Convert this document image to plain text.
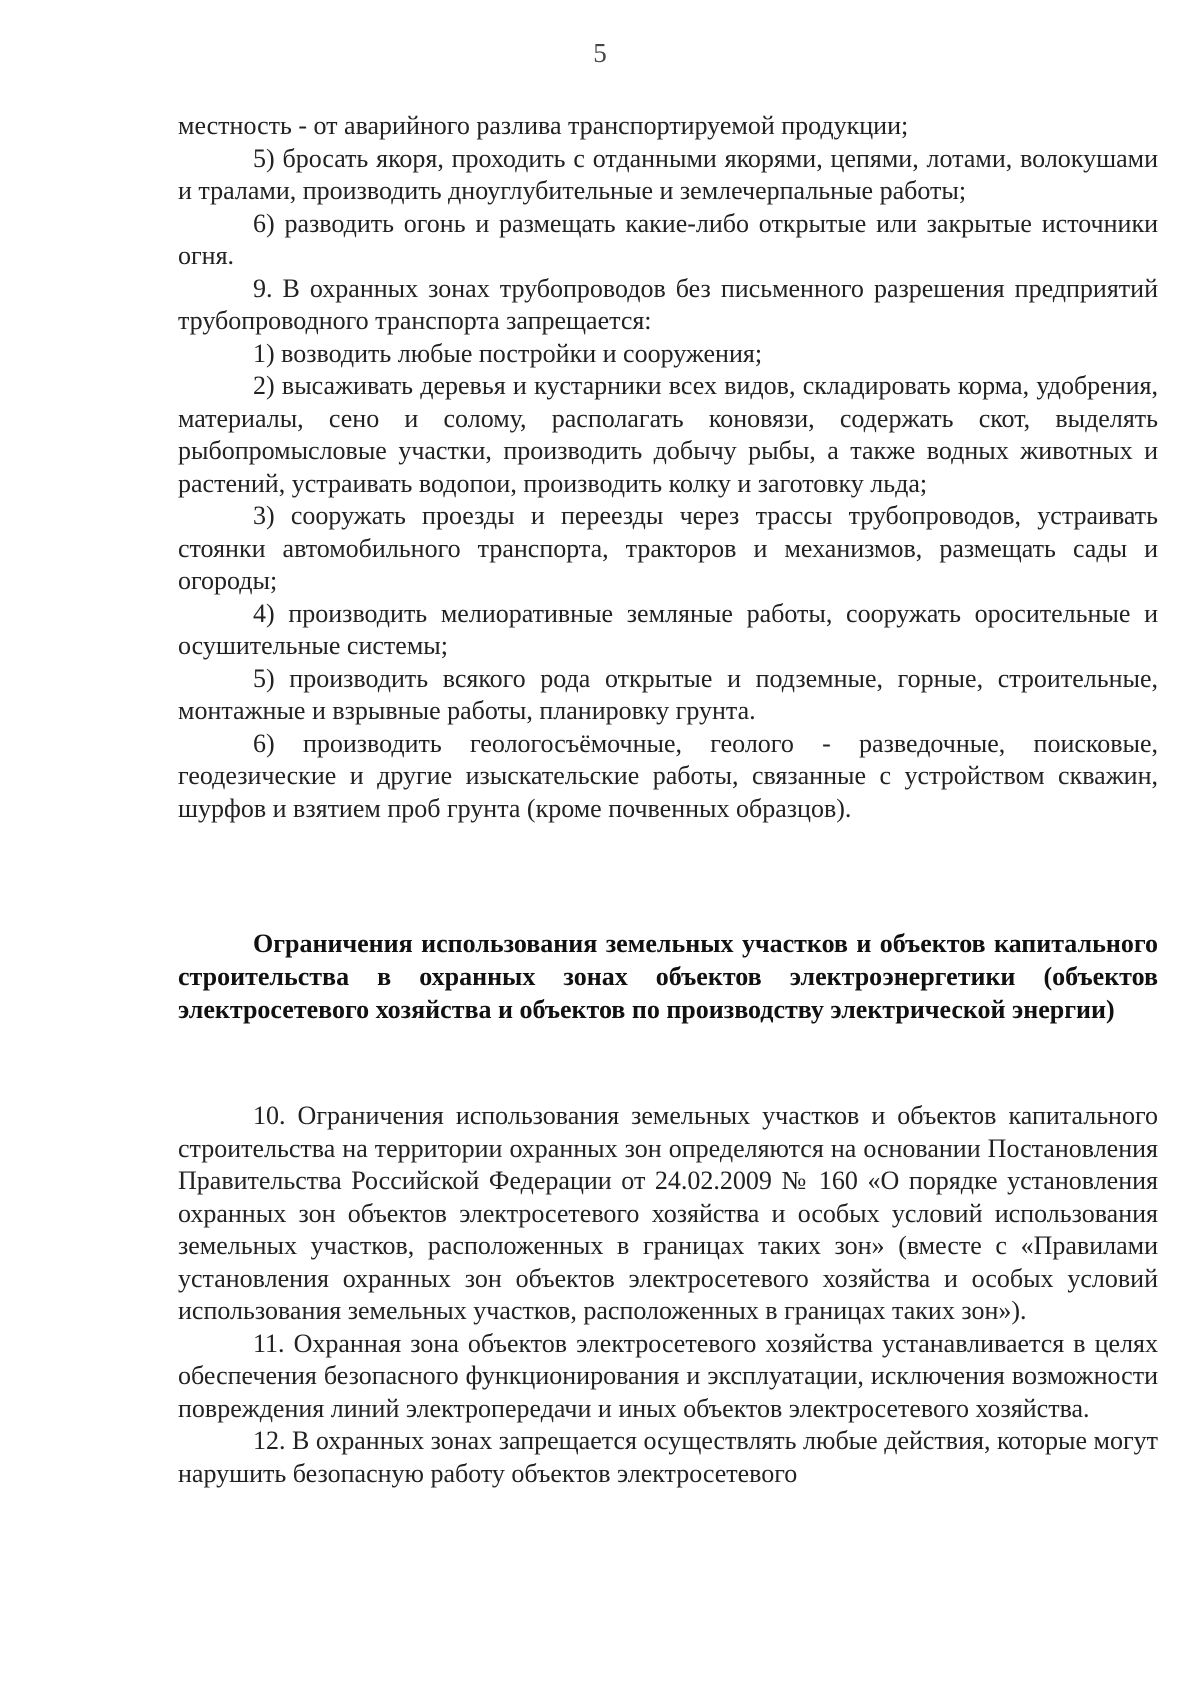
5

местность - от аварийного разлива транспортируемой продукции;

5) бросать якоря, проходить с отданными якорями, цепями, лотами, волокушами и тралами, производить дноуглубительные и землечерпальные работы;

6) разводить огонь и размещать какие-либо открытые или закрытые источники огня.

9. В охранных зонах трубопроводов без письменного разрешения предприятий трубопроводного транспорта запрещается:

1) возводить любые постройки и сооружения;

2) высаживать деревья и кустарники всех видов, складировать корма, удобрения, материалы, сено и солому, располагать коновязи, содержать скот, выделять рыбопромысловые участки, производить добычу рыбы, а также водных животных и растений, устраивать водопои, производить колку и заготовку льда;

3) сооружать проезды и переезды через трассы трубопроводов, устраивать стоянки автомобильного транспорта, тракторов и механизмов, размещать сады и огороды;

4) производить мелиоративные земляные работы, сооружать оросительные и осушительные системы;

5) производить всякого рода открытые и подземные, горные, строительные, монтажные и взрывные работы, планировку грунта.

6) производить геологосъёмочные, геолого - разведочные, поисковые, геодезические и другие изыскательские работы, связанные с устройством скважин, шурфов и взятием проб грунта (кроме почвенных образцов).

Ограничения использования земельных участков и объектов капитального строительства в охранных зонах объектов электроэнергетики (объектов электросетевого хозяйства и объектов по производству электрической энергии)

10. Ограничения использования земельных участков и объектов капитального строительства на территории охранных зон определяются на основании Постановления Правительства Российской Федерации от 24.02.2009 № 160 «О порядке установления охранных зон объектов электросетевого хозяйства и особых условий использования земельных участков, расположенных в границах таких зон» (вместе с «Правилами установления охранных зон объектов электросетевого хозяйства и особых условий использования земельных участков, расположенных в границах таких зон»).

11. Охранная зона объектов электросетевого хозяйства устанавливается в целях обеспечения безопасного функционирования и эксплуатации, исключения возможности повреждения линий электропередачи и иных объектов электросетевого хозяйства.

12. В охранных зонах запрещается осуществлять любые действия, которые могут нарушить безопасную работу объектов электросетевого
